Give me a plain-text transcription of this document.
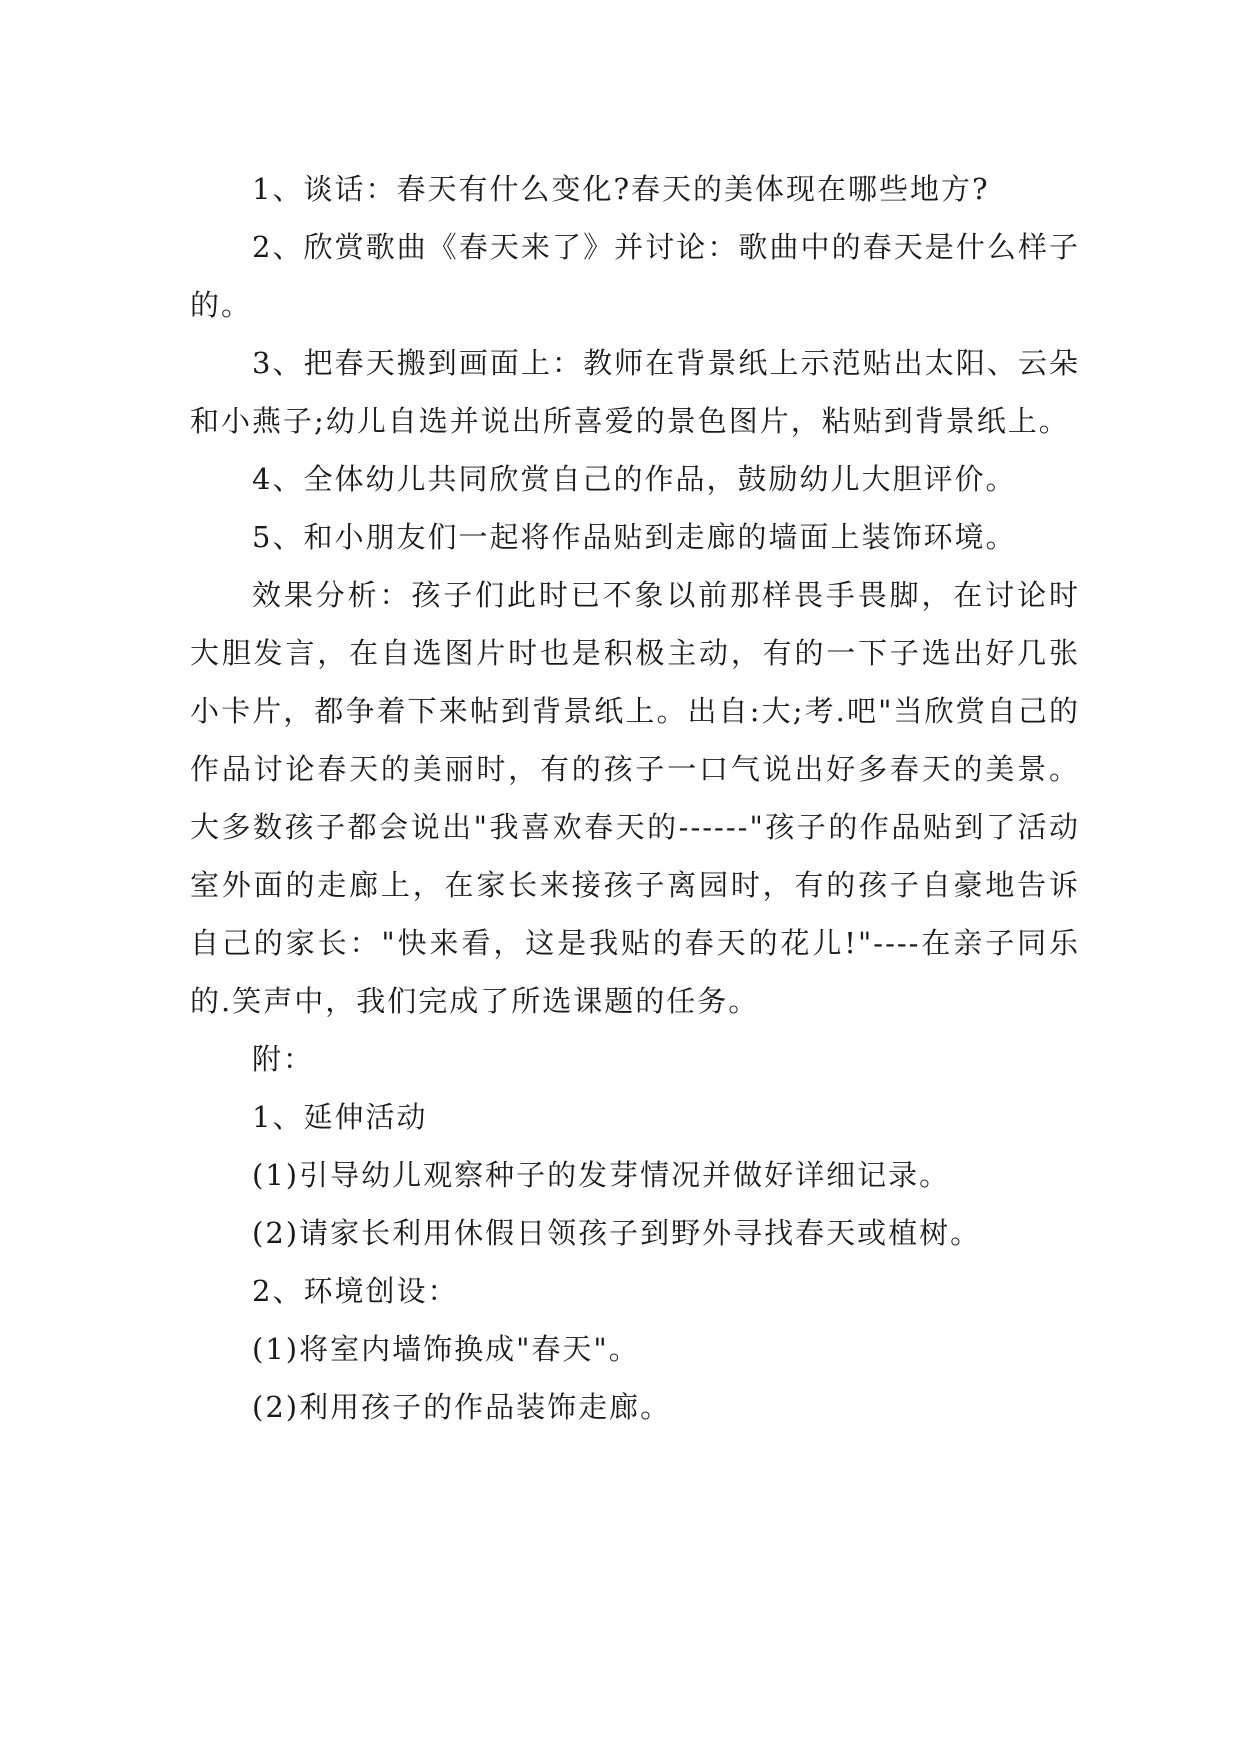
1、谈话：春天有什么变化?春天的美体现在哪些地方?

2、欣赏歌曲《春天来了》并讨论：歌曲中的春天是什么样子的。

3、把春天搬到画面上：教师在背景纸上示范贴出太阳、云朵和小燕子;幼儿自选并说出所喜爱的景色图片，粘贴到背景纸上。

4、全体幼儿共同欣赏自己的作品，鼓励幼儿大胆评价。

5、和小朋友们一起将作品贴到走廊的墙面上装饰环境。

效果分析：孩子们此时已不象以前那样畏手畏脚，在讨论时大胆发言，在自选图片时也是积极主动，有的一下子选出好几张小卡片，都争着下来帖到背景纸上。出自:大;考.吧"当欣赏自己的作品讨论春天的美丽时，有的孩子一口气说出好多春天的美景。大多数孩子都会说出"我喜欢春天的------"孩子的作品贴到了活动室外面的走廊上，在家长来接孩子离园时，有的孩子自豪地告诉自己的家长："快来看，这是我贴的春天的花儿!"----在亲子同乐的.笑声中，我们完成了所选课题的任务。

附：

1、延伸活动

(1)引导幼儿观察种子的发芽情况并做好详细记录。

(2)请家长利用休假日领孩子到野外寻找春天或植树。

2、环境创设：

(1)将室内墙饰换成"春天"。

(2)利用孩子的作品装饰走廊。
